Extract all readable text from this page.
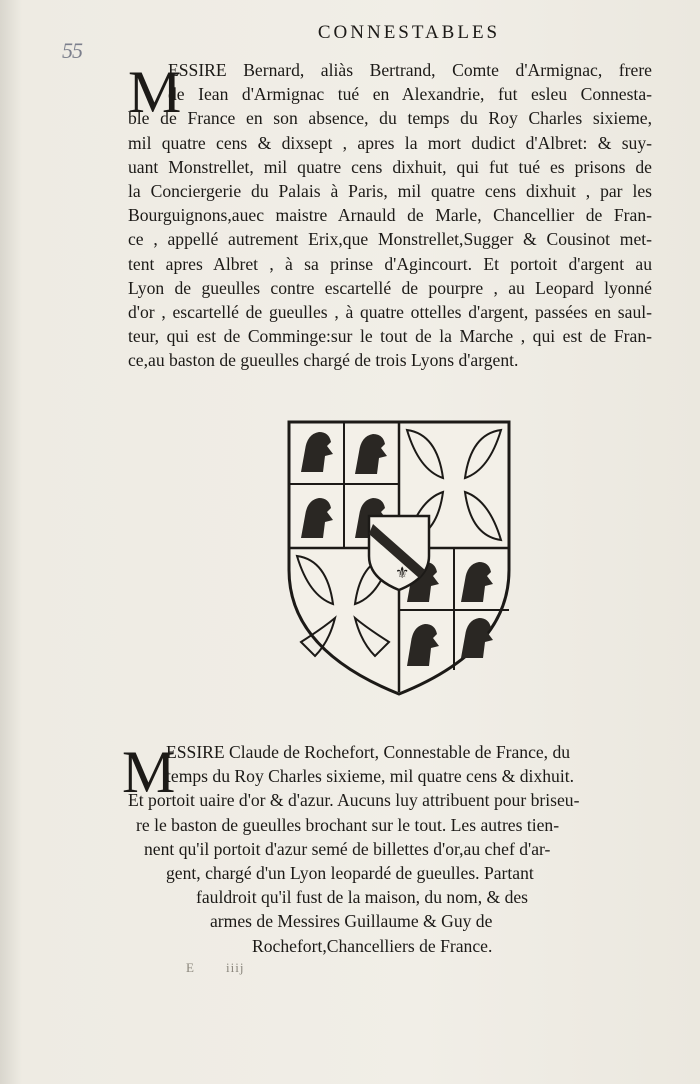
55
CONNESTABLES
M
ESSIRE Bernard, aliàs Bertrand, Comte d'Armignac, frere
de Iean d'Armignac tué en Alexandrie, fut esleu Connesta-
ble de France en son absence, du temps du Roy Charles sixieme,
mil quatre cens & dixsept , apres la mort dudict d'Albret: & suy-
uant Monstrellet, mil quatre cens dixhuit, qui fut tué es prisons de
la Conciergerie du Palais à Paris, mil quatre cens dixhuit , par les
Bourguignons,auec maistre Arnauld de Marle, Chancellier de Fran-
ce , appellé autrement Erix,que Monstrellet,Sugger & Cousinot met-
tent apres Albret , à sa prinse d'Agincourt. Et portoit d'argent au
Lyon de gueulles contre escartellé de pourpre , au Leopard lyonné
d'or , escartellé de gueulles , à quatre ottelles d'argent, passées en saul-
teur, qui est de Comminge:sur le tout de la Marche , qui est de Fran-
ce,au baston de gueulles chargé de trois Lyons d'argent.
⚜
M
ESSIRE Claude de Rochefort, Connestable de France, du
temps du Roy Charles sixieme, mil quatre cens & dixhuit.
Et portoit uaire d'or & d'azur. Aucuns luy attribuent pour briseu-
re le baston de gueulles brochant sur le tout. Les autres tien-
nent qu'il portoit d'azur semé de billettes d'or,au chef d'ar-
gent, chargé d'un Lyon leopardé de gueulles. Partant
fauldroit qu'il fust de la maison, du nom, & des
armes de Messires Guillaume & Guy de
Rochefort,Chancelliers de France.
E iiij
